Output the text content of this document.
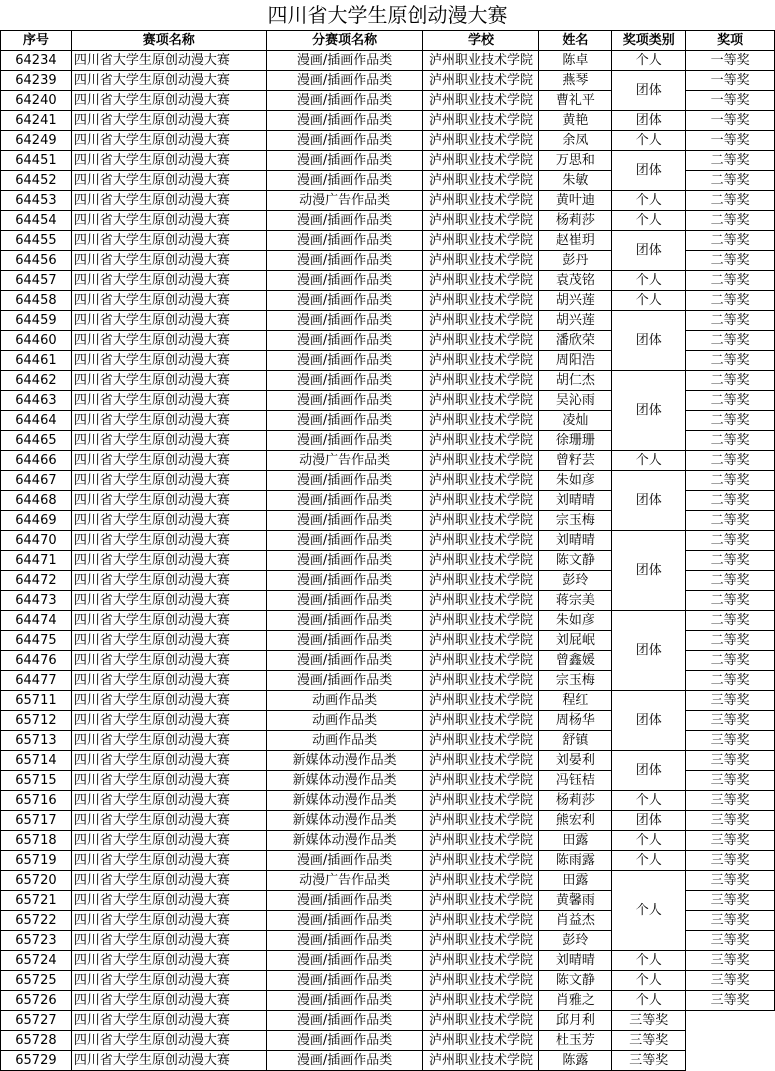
四川省大学生原创动漫大赛						
序号	赛项名称	分赛项名称	学校	姓名	奖项类别	奖项
64234	四川省大学生原创动漫大赛	漫画/插画作品类	泸州职业技术学院	陈卓	个人	一等奖
64239	四川省大学生原创动漫大赛	漫画/插画作品类	泸州职业技术学院	燕琴	团体	一等奖
64240	四川省大学生原创动漫大赛	漫画/插画作品类	泸州职业技术学院	曹礼平		一等奖
64241	四川省大学生原创动漫大赛	漫画/插画作品类	泸州职业技术学院	黄艳	团体	一等奖
64249	四川省大学生原创动漫大赛	漫画/插画作品类	泸州职业技术学院	余凤	个人	一等奖
64451	四川省大学生原创动漫大赛	漫画/插画作品类	泸州职业技术学院	万思和	团体	二等奖
64452	四川省大学生原创动漫大赛	漫画/插画作品类	泸州职业技术学院	朱敏		二等奖
64453	四川省大学生原创动漫大赛	动漫广告作品类	泸州职业技术学院	黄叶迪	个人	二等奖
64454	四川省大学生原创动漫大赛	漫画/插画作品类	泸州职业技术学院	杨莉莎	个人	二等奖
64455	四川省大学生原创动漫大赛	漫画/插画作品类	泸州职业技术学院	赵崔玥	团体	二等奖
64456	四川省大学生原创动漫大赛	漫画/插画作品类	泸州职业技术学院	彭丹		二等奖
64457	四川省大学生原创动漫大赛	漫画/插画作品类	泸州职业技术学院	袁茂铭	个人	二等奖
64458	四川省大学生原创动漫大赛	漫画/插画作品类	泸州职业技术学院	胡兴莲	个人	二等奖
64459	四川省大学生原创动漫大赛	漫画/插画作品类	泸州职业技术学院	胡兴莲	团体	二等奖
64460	四川省大学生原创动漫大赛	漫画/插画作品类	泸州职业技术学院	潘欣荣		二等奖
64461	四川省大学生原创动漫大赛	漫画/插画作品类	泸州职业技术学院	周阳浩		二等奖
64462	四川省大学生原创动漫大赛	漫画/插画作品类	泸州职业技术学院	胡仁杰	团体	二等奖
64463	四川省大学生原创动漫大赛	漫画/插画作品类	泸州职业技术学院	吴沁雨		二等奖
64464	四川省大学生原创动漫大赛	漫画/插画作品类	泸州职业技术学院	凌灿		二等奖
64465	四川省大学生原创动漫大赛	漫画/插画作品类	泸州职业技术学院	徐珊珊		二等奖
64466	四川省大学生原创动漫大赛	动漫广告作品类	泸州职业技术学院	曾籽芸	个人	二等奖
64467	四川省大学生原创动漫大赛	漫画/插画作品类	泸州职业技术学院	朱如彦	团体	二等奖
64468	四川省大学生原创动漫大赛	漫画/插画作品类	泸州职业技术学院	刘晴晴		二等奖
64469	四川省大学生原创动漫大赛	漫画/插画作品类	泸州职业技术学院	宗玉梅		二等奖
64470	四川省大学生原创动漫大赛	漫画/插画作品类	泸州职业技术学院	刘晴晴	团体	二等奖
64471	四川省大学生原创动漫大赛	漫画/插画作品类	泸州职业技术学院	陈文静		二等奖
64472	四川省大学生原创动漫大赛	漫画/插画作品类	泸州职业技术学院	彭玲		二等奖
64473	四川省大学生原创动漫大赛	漫画/插画作品类	泸州职业技术学院	蒋宗美		二等奖
64474	四川省大学生原创动漫大赛	漫画/插画作品类	泸州职业技术学院	朱如彦	团体	二等奖
64475	四川省大学生原创动漫大赛	漫画/插画作品类	泸州职业技术学院	刘屁岷		二等奖
64476	四川省大学生原创动漫大赛	漫画/插画作品类	泸州职业技术学院	曾鑫媛		二等奖
64477	四川省大学生原创动漫大赛	漫画/插画作品类	泸州职业技术学院	宗玉梅		二等奖
65711	四川省大学生原创动漫大赛	动画作品类	泸州职业技术学院	程红	团体	三等奖
65712	四川省大学生原创动漫大赛	动画作品类	泸州职业技术学院	周杨华		三等奖
65713	四川省大学生原创动漫大赛	动画作品类	泸州职业技术学院	舒镇		三等奖
65714	四川省大学生原创动漫大赛	新媒体动漫作品类	泸州职业技术学院	刘晏利	团体	三等奖
65715	四川省大学生原创动漫大赛	新媒体动漫作品类	泸州职业技术学院	冯钰桔		三等奖
65716	四川省大学生原创动漫大赛	新媒体动漫作品类	泸州职业技术学院	杨莉莎	个人	三等奖
65717	四川省大学生原创动漫大赛	新媒体动漫作品类	泸州职业技术学院	熊宏利	团体	三等奖
65718	四川省大学生原创动漫大赛	新媒体动漫作品类	泸州职业技术学院	田露	个人	三等奖
65719	四川省大学生原创动漫大赛	漫画/插画作品类	泸州职业技术学院	陈雨露	个人	三等奖
65720	四川省大学生原创动漫大赛	动漫广告作品类	泸州职业技术学院	田露	个人	三等奖
65721	四川省大学生原创动漫大赛	漫画/插画作品类	泸州职业技术学院	黄馨雨		三等奖
65722	四川省大学生原创动漫大赛	漫画/插画作品类	泸州职业技术学院	肖益杰		三等奖
65723	四川省大学生原创动漫大赛	漫画/插画作品类	泸州职业技术学院	彭玲		三等奖
65724	四川省大学生原创动漫大赛	漫画/插画作品类	泸州职业技术学院	刘晴晴	个人	三等奖
65725	四川省大学生原创动漫大赛	漫画/插画作品类	泸州职业技术学院	陈文静	个人	三等奖
65726	四川省大学生原创动漫大赛	漫画/插画作品类	泸州职业技术学院	肖雅之	个人	三等奖
65727	四川省大学生原创动漫大赛	漫画/插画作品类	泸州职业技术学院	邱月利	三等奖	
65728	四川省大学生原创动漫大赛	漫画/插画作品类	泸州职业技术学院	杜玉芳	三等奖	
65729	四川省大学生原创动漫大赛	漫画/插画作品类	泸州职业技术学院	陈露	三等奖	
